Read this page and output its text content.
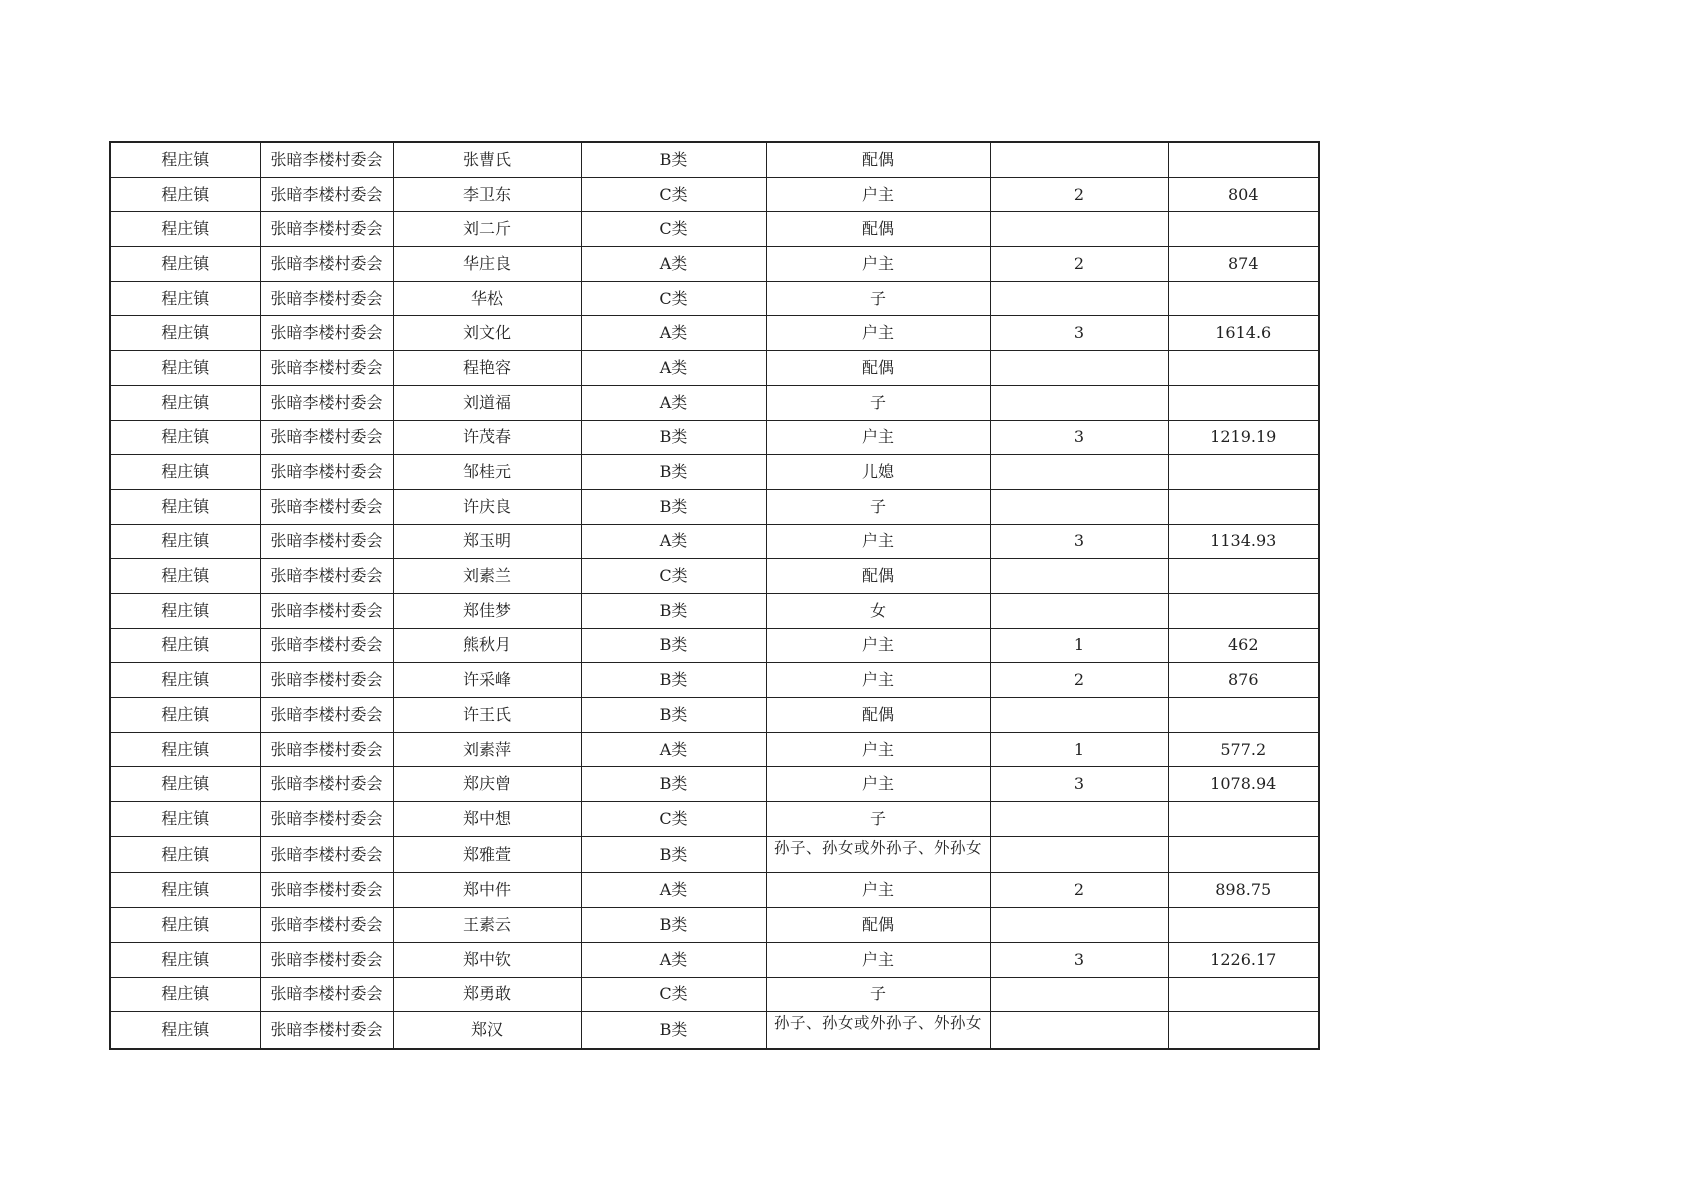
程庄镇	张暗李楼村委会	张曹氏	B类	配偶		
程庄镇	张暗李楼村委会	李卫东	C类	户主	2	804
程庄镇	张暗李楼村委会	刘二斤	C类	配偶		
程庄镇	张暗李楼村委会	华庄良	A类	户主	2	874
程庄镇	张暗李楼村委会	华松	C类	子		
程庄镇	张暗李楼村委会	刘文化	A类	户主	3	1614.6
程庄镇	张暗李楼村委会	程艳容	A类	配偶		
程庄镇	张暗李楼村委会	刘道福	A类	子		
程庄镇	张暗李楼村委会	许茂春	B类	户主	3	1219.19
程庄镇	张暗李楼村委会	邹桂元	B类	儿媳		
程庄镇	张暗李楼村委会	许庆良	B类	子		
程庄镇	张暗李楼村委会	郑玉明	A类	户主	3	1134.93
程庄镇	张暗李楼村委会	刘素兰	C类	配偶		
程庄镇	张暗李楼村委会	郑佳梦	B类	女		
程庄镇	张暗李楼村委会	熊秋月	B类	户主	1	462
程庄镇	张暗李楼村委会	许采峰	B类	户主	2	876
程庄镇	张暗李楼村委会	许王氏	B类	配偶		
程庄镇	张暗李楼村委会	刘素萍	A类	户主	1	577.2
程庄镇	张暗李楼村委会	郑庆曾	B类	户主	3	1078.94
程庄镇	张暗李楼村委会	郑中想	C类	子		
程庄镇	张暗李楼村委会	郑雅萱	B类	孙子、孙女或外孙子、外孙女		
程庄镇	张暗李楼村委会	郑中件	A类	户主	2	898.75
程庄镇	张暗李楼村委会	王素云	B类	配偶		
程庄镇	张暗李楼村委会	郑中钦	A类	户主	3	1226.17
程庄镇	张暗李楼村委会	郑勇敢	C类	子		
程庄镇	张暗李楼村委会	郑汉	B类	孙子、孙女或外孙子、外孙女		
